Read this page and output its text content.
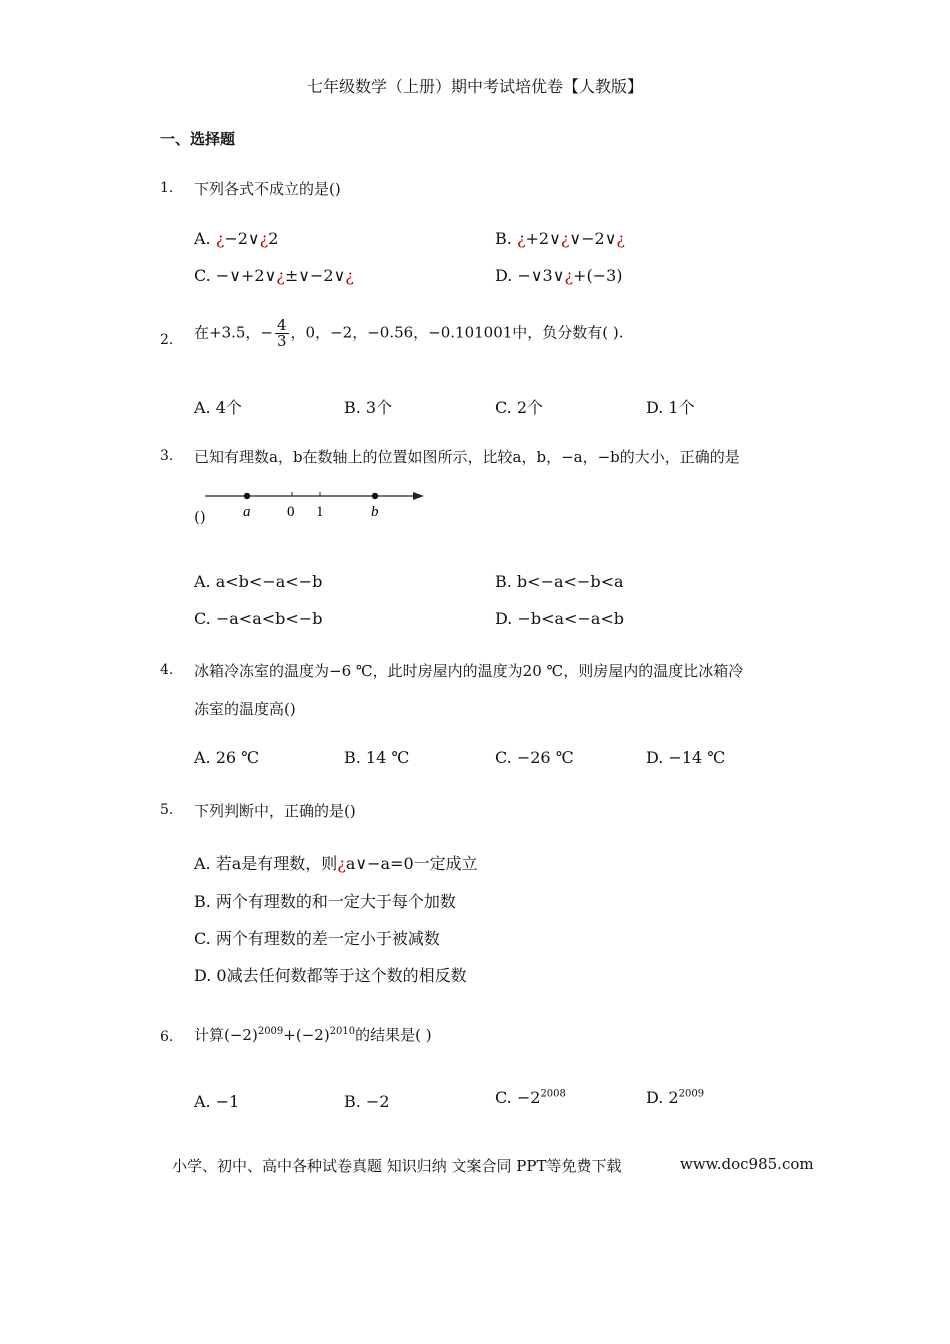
七年级数学（上册）期中考试培优卷【人教版】
一、选择题
1. 下列各式不成立的是()
A. ¿−2∨¿2	B. ¿+2∨¿∨−2∨¿
C. −∨+2∨¿±∨−2∨¿	D. −∨3∨¿+(−3)
2. 在+3.5，− $\frac{4}{3}$ ，0，−2，−0.56，−0.101001中，负分数有( ).
A. 4个	B. 3个	C. 2个	D. 1个
3. 已知有理数a，b在数轴上的位置如图所示，比较a，b，−a，−b的大小，正确的是
() a 0 1	b
A. a<b<−a<−b	B. b<−a<−b<a
C. −a<a<b<−b	D. −b<a<−a<b
4. 冰箱冷冻室的温度为−6 ℃，此时房屋内的温度为20 ℃，则房屋内的温度比冰箱冷
冻室的温度高()
A. 26 ℃	B. 14 ℃	C. −26 ℃	D. −14 ℃
5. 下列判断中，正确的是()
A. 若a是有理数，则¿a∨−a=0一定成立
B. 两个有理数的和一定大于每个加数
C. 两个有理数的差一定小于被减数
D. 0减去任何数都等于这个数的相反数
6. 计算$(-2)^{2009}+(-2)^{2010}$的结果是( )
A. −1	B. −2	C. $-2^{2008}$	D. $2^{2009}$
小学、初中、高中各种试卷真题 知识归纳 文案合同 PPT等免费下载	www.doc985.com
